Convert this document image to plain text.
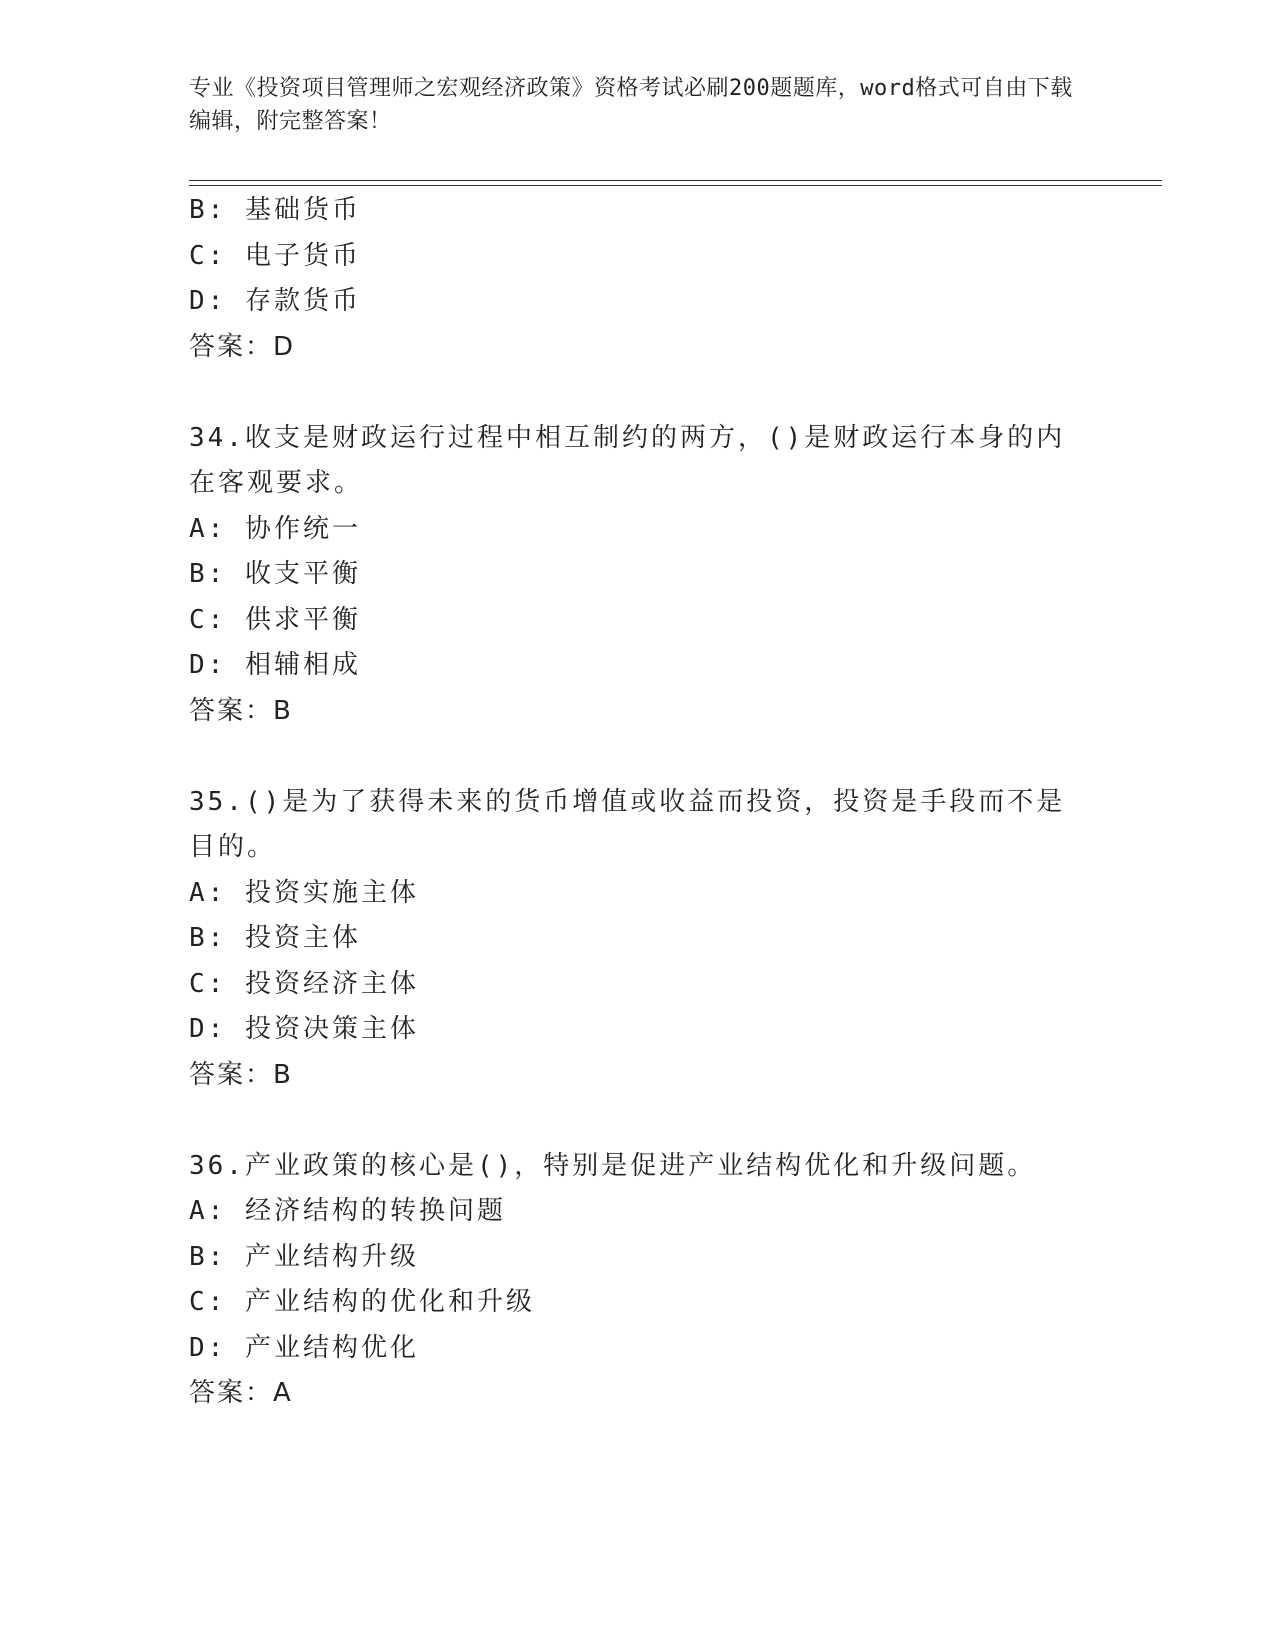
专业《投资项目管理师之宏观经济政策》资格考试必刷200题题库，word格式可自由下载编辑，附完整答案！
B: 基础货币
C: 电子货币
D: 存款货币
答案：D
34.收支是财政运行过程中相互制约的两方，()是财政运行本身的内在客观要求。
A: 协作统一
B: 收支平衡
C: 供求平衡
D: 相辅相成
答案：B
35.()是为了获得未来的货币增值或收益而投资，投资是手段而不是目的。
A: 投资实施主体
B: 投资主体
C: 投资经济主体
D: 投资决策主体
答案：B
36.产业政策的核心是()，特别是促进产业结构优化和升级问题。
A: 经济结构的转换问题
B: 产业结构升级
C: 产业结构的优化和升级
D: 产业结构优化
答案：A
